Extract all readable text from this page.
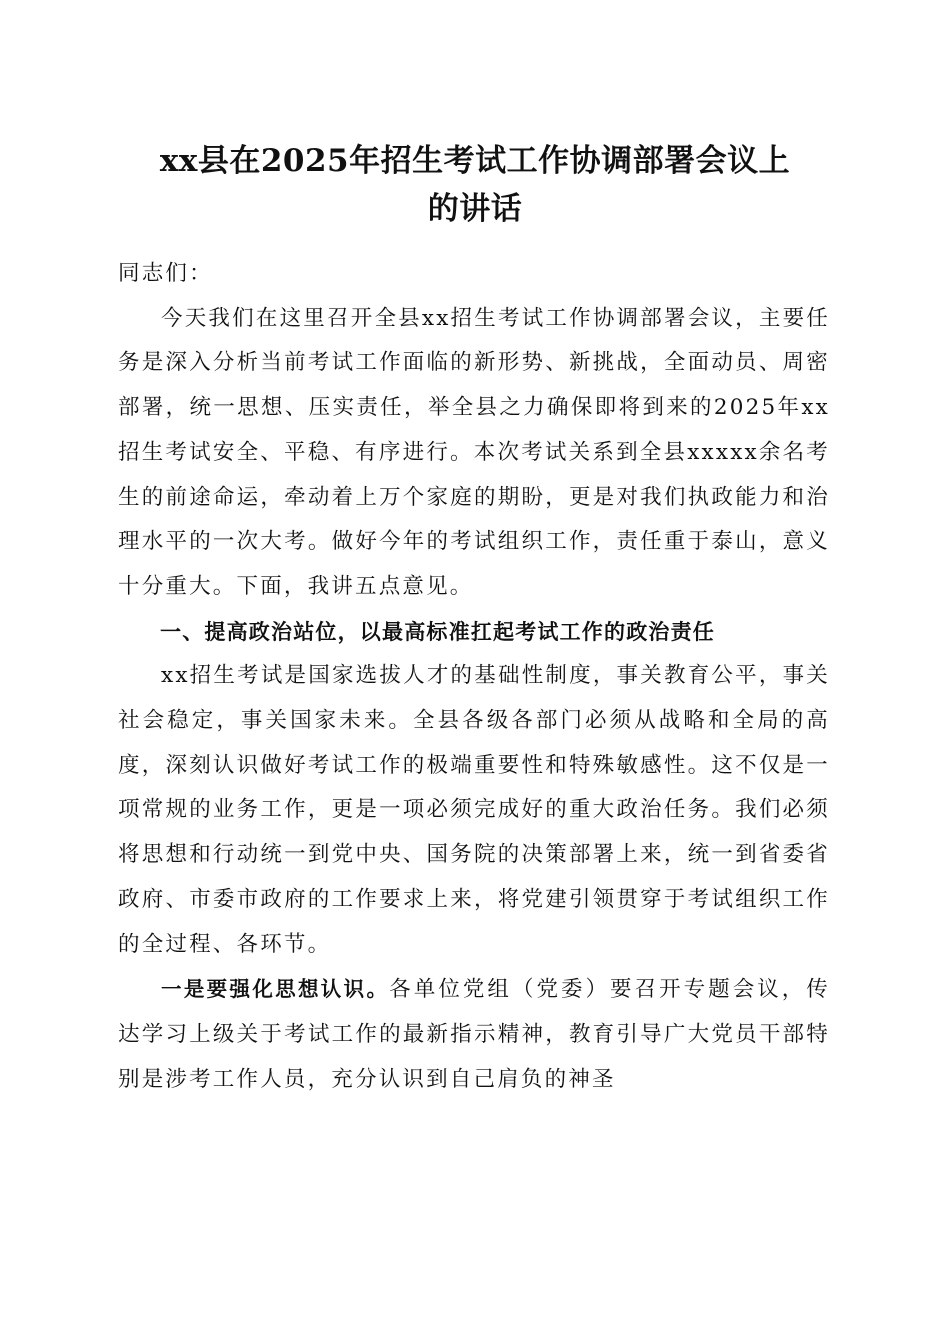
xx县在2025年招生考试工作协调部署会议上
的讲话

同志们：

今天我们在这里召开全县xx招生考试工作协调部署会议，主要任务是深入分析当前考试工作面临的新形势、新挑战，全面动员、周密部署，统一思想、压实责任，举全县之力确保即将到来的2025年xx招生考试安全、平稳、有序进行。本次考试关系到全县xxxxx余名考生的前途命运，牵动着上万个家庭的期盼，更是对我们执政能力和治理水平的一次大考。做好今年的考试组织工作，责任重于泰山，意义十分重大。下面，我讲五点意见。

一、提高政治站位，以最高标准扛起考试工作的政治责任

xx招生考试是国家选拔人才的基础性制度，事关教育公平，事关社会稳定，事关国家未来。全县各级各部门必须从战略和全局的高度，深刻认识做好考试工作的极端重要性和特殊敏感性。这不仅是一项常规的业务工作，更是一项必须完成好的重大政治任务。我们必须将思想和行动统一到党中央、国务院的决策部署上来，统一到省委省政府、市委市政府的工作要求上来，将党建引领贯穿于考试组织工作的全过程、各环节。

一是要强化思想认识。各单位党组（党委）要召开专题会议，传达学习上级关于考试工作的最新指示精神，教育引导广大党员干部特别是涉考工作人员，充分认识到自己肩负的神圣
